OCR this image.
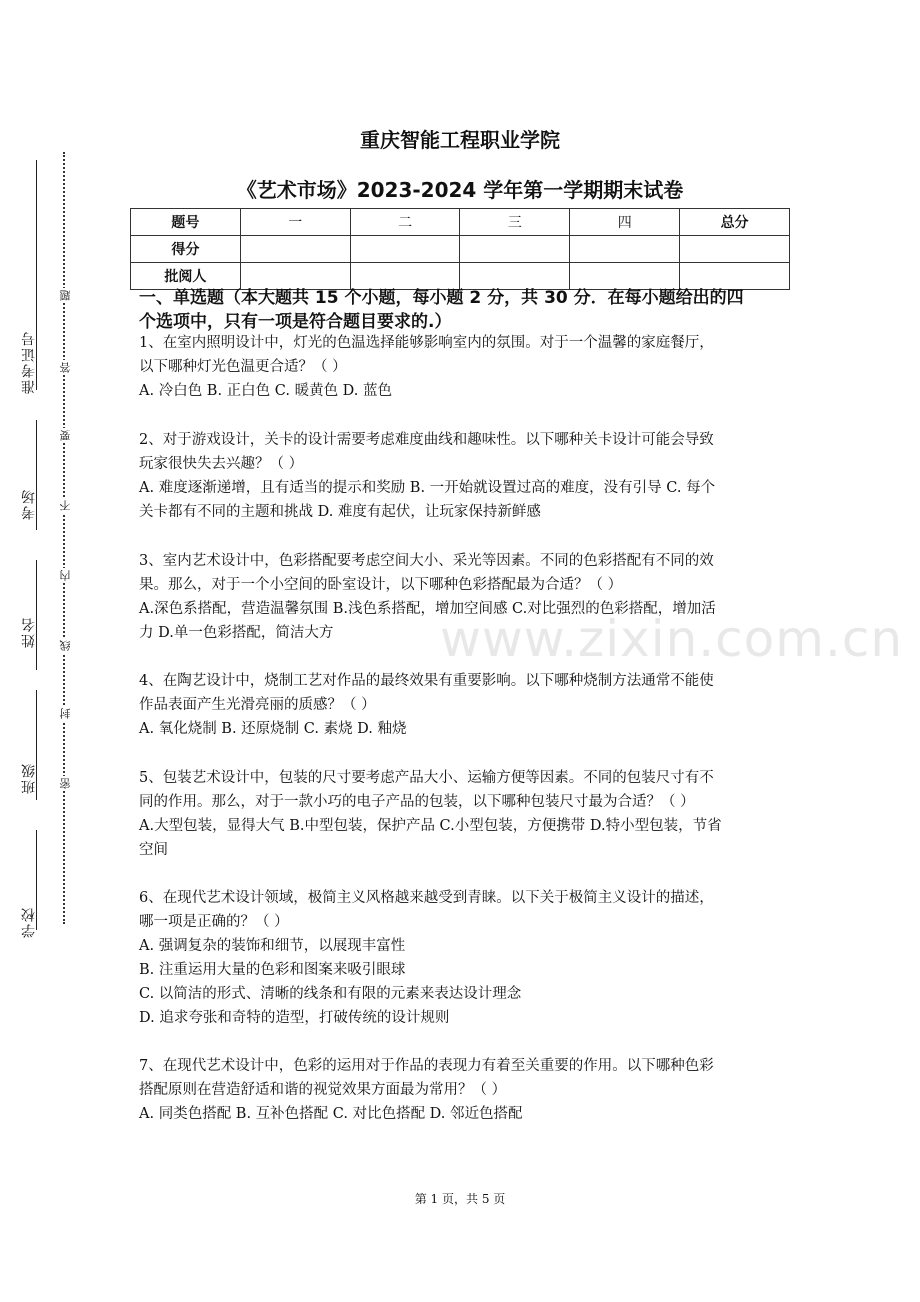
准考证号
考场
姓名
班级
学校
题
答
要
不
内
线
封
密
重庆智能工程职业学院
《艺术市场》2023-2024 学年第一学期期末试卷
题号	一	二	三	四	总分
得分					
批阅人					
一、单选题（本大题共 15 个小题，每小题 2 分，共 30 分．在每小题给出的四
个选项中，只有一项是符合题目要求的.）
www.zixin.com.cn

1、在室内照明设计中，灯光的色温选择能够影响室内的氛围。对于一个温馨的家庭餐厅，

以下哪种灯光色温更合适？（ ）

A. 冷白色 B. 正白色 C. 暖黄色 D. 蓝色

2、对于游戏设计，关卡的设计需要考虑难度曲线和趣味性。以下哪种关卡设计可能会导致

玩家很快失去兴趣？（ ）

A. 难度逐渐递增，且有适当的提示和奖励 B. 一开始就设置过高的难度，没有引导 C. 每个

关卡都有不同的主题和挑战 D. 难度有起伏，让玩家保持新鲜感

3、室内艺术设计中，色彩搭配要考虑空间大小、采光等因素。不同的色彩搭配有不同的效

果。那么，对于一个小空间的卧室设计，以下哪种色彩搭配最为合适？（ ）

A.深色系搭配，营造温馨氛围 B.浅色系搭配，增加空间感 C.对比强烈的色彩搭配，增加活

力 D.单一色彩搭配，简洁大方

4、在陶艺设计中，烧制工艺对作品的最终效果有重要影响。以下哪种烧制方法通常不能使

作品表面产生光滑亮丽的质感？（ ）

A. 氧化烧制 B. 还原烧制 C. 素烧 D. 釉烧

5、包装艺术设计中，包装的尺寸要考虑产品大小、运输方便等因素。不同的包装尺寸有不

同的作用。那么，对于一款小巧的电子产品的包装，以下哪种包装尺寸最为合适？（ ）

A.大型包装，显得大气 B.中型包装，保护产品 C.小型包装，方便携带 D.特小型包装，节省

空间

6、在现代艺术设计领域，极简主义风格越来越受到青睐。以下关于极简主义设计的描述，

哪一项是正确的？（ ）

A. 强调复杂的装饰和细节，以展现丰富性

B. 注重运用大量的色彩和图案来吸引眼球

C. 以简洁的形式、清晰的线条和有限的元素来表达设计理念

D. 追求夸张和奇特的造型，打破传统的设计规则

7、在现代艺术设计中，色彩的运用对于作品的表现力有着至关重要的作用。以下哪种色彩

搭配原则在营造舒适和谐的视觉效果方面最为常用？（ ）

A. 同类色搭配 B. 互补色搭配 C. 对比色搭配 D. 邻近色搭配

第 1 页，共 5 页
